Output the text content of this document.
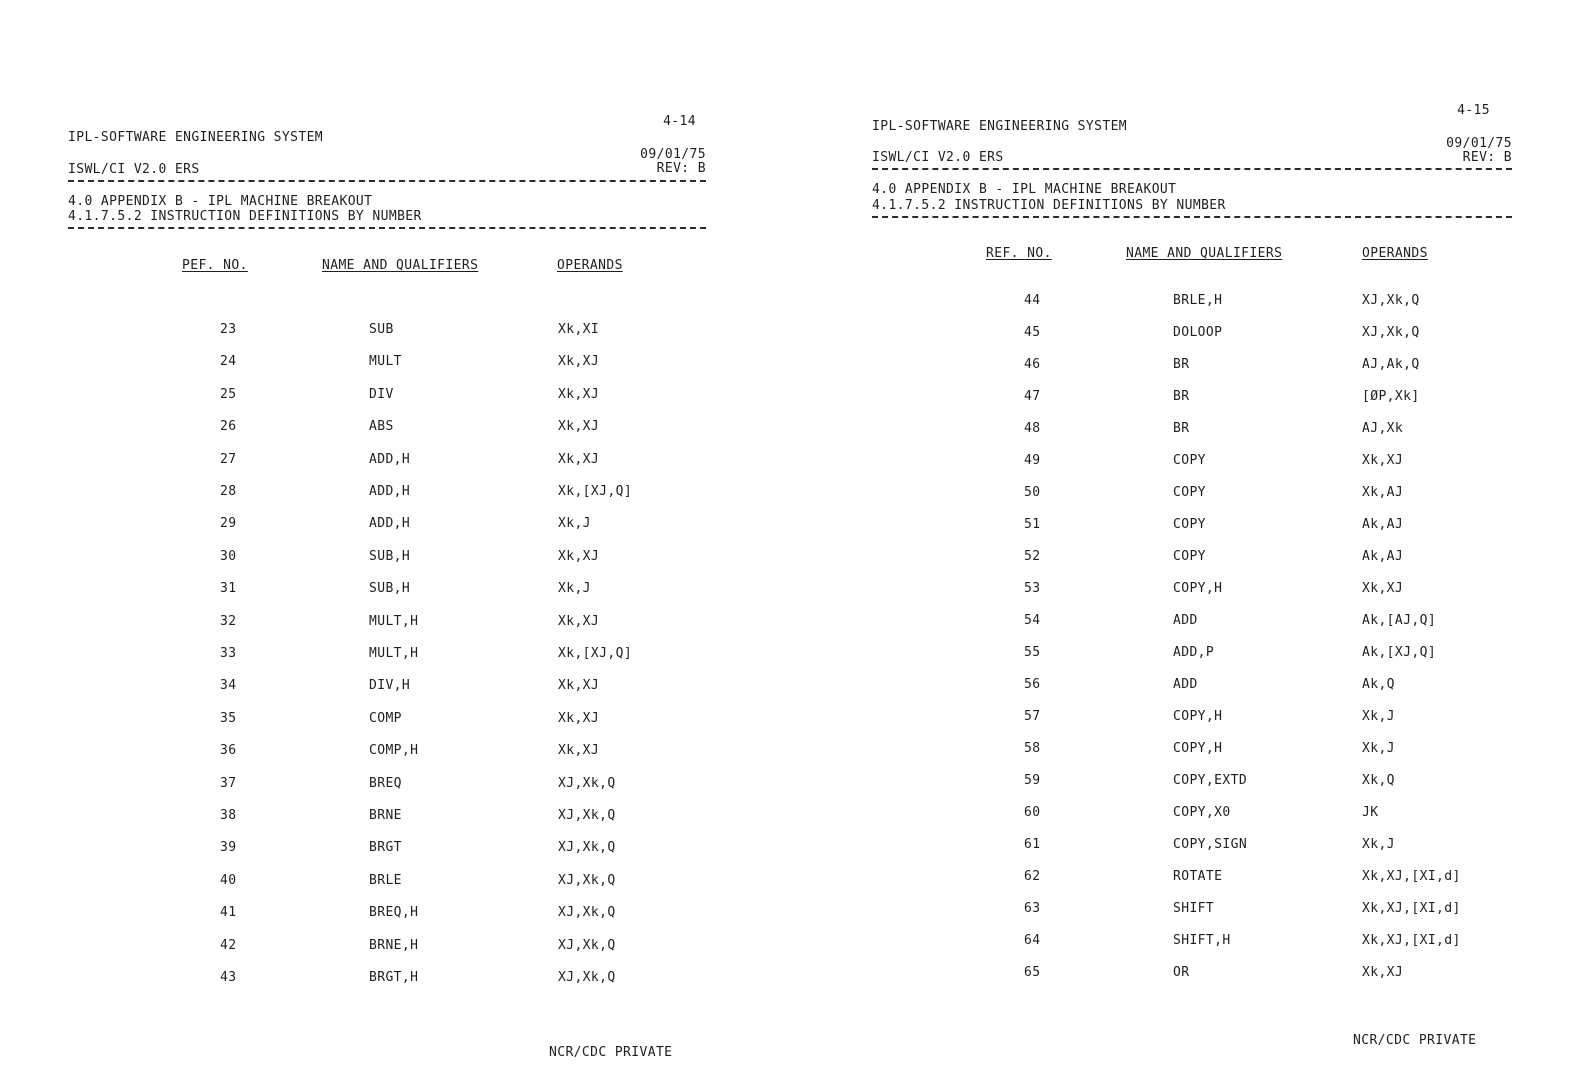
IPL-SOFTWARE ENGINEERING SYSTEM
4-14
09/01/75
ISWL/CI V2.0 ERS	REV: B
4.0 APPENDIX B - IPL MACHINE BREAKOUT
4.1.7.5.2 INSTRUCTION DEFINITIONS BY NUMBER
PEF. NO.	NAME AND QUALIFIERS	OPERANDS
23	SUB	Xk,XI
24	MULT	Xk,XJ
25	DIV	Xk,XJ
26	ABS	Xk,XJ
27	ADD,H	Xk,XJ
28	ADD,H	Xk,[XJ,Q]
29	ADD,H	Xk,J
30	SUB,H	Xk,XJ
31	SUB,H	Xk,J
32	MULT,H	Xk,XJ
33	MULT,H	Xk,[XJ,Q]
34	DIV,H	Xk,XJ
35	COMP	Xk,XJ
36	COMP,H	Xk,XJ
37	BREQ	XJ,Xk,Q
38	BRNE	XJ,Xk,Q
39	BRGT	XJ,Xk,Q
40	BRLE	XJ,Xk,Q
41	BREQ,H	XJ,Xk,Q
42	BRNE,H	XJ,Xk,Q
43	BRGT,H	XJ,Xk,Q
NCR/CDC PRIVATE
IPL-SOFTWARE ENGINEERING SYSTEM
4-15
09/01/75
ISWL/CI V2.0 ERS	REV: B
4.0 APPENDIX B - IPL MACHINE BREAKOUT
4.1.7.5.2 INSTRUCTION DEFINITIONS BY NUMBER
REF. NO.	NAME AND QUALIFIERS	OPERANDS
44	BRLE,H	XJ,Xk,Q
45	DOLOOP	XJ,Xk,Q
46	BR	AJ,Ak,Q
47	BR	[ØP,Xk]
48	BR	AJ,Xk
49	COPY	Xk,XJ
50	COPY	Xk,AJ
51	COPY	Ak,AJ
52	COPY	Ak,AJ
53	COPY,H	Xk,XJ
54	ADD	Ak,[AJ,Q]
55	ADD,P	Ak,[XJ,Q]
56	ADD	Ak,Q
57	COPY,H	Xk,J
58	COPY,H	Xk,J
59	COPY,EXTD	Xk,Q
60	COPY,X0	JK
61	COPY,SIGN	Xk,J
62	ROTATE	Xk,XJ,[XI,d]
63	SHIFT	Xk,XJ,[XI,d]
64	SHIFT,H	Xk,XJ,[XI,d]
65	OR	Xk,XJ
NCR/CDC PRIVATE
